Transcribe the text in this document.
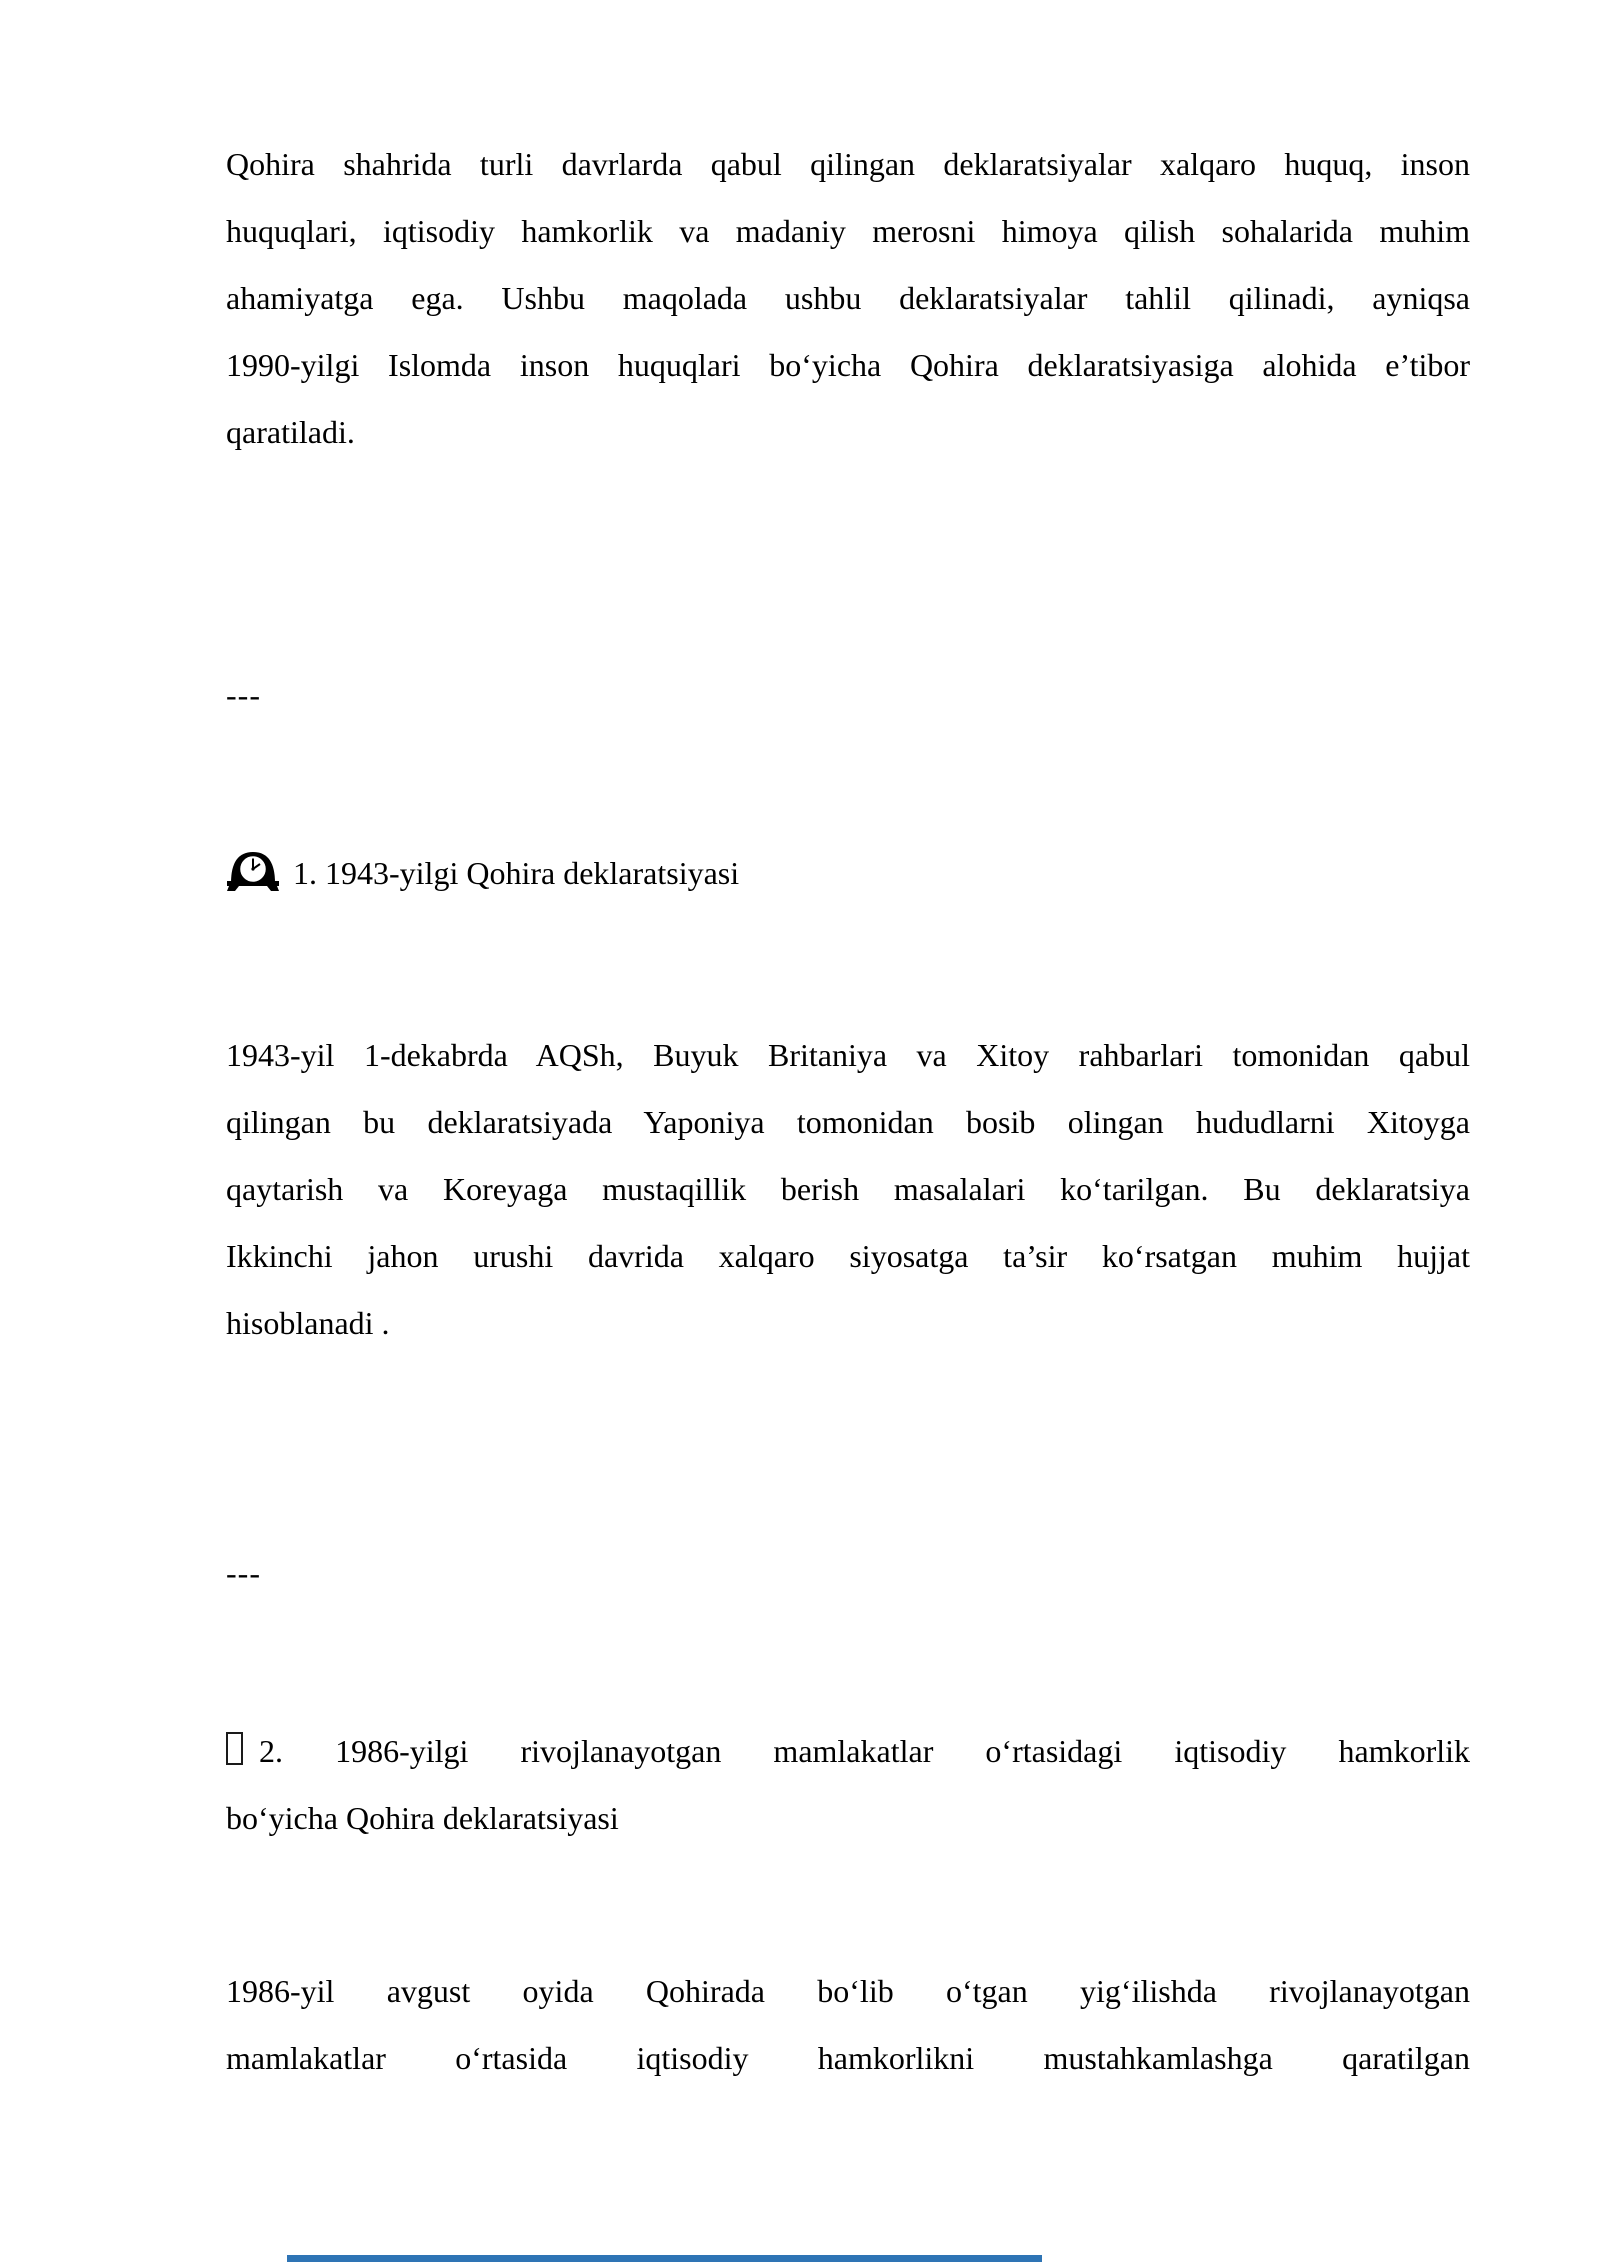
Qohira shahrida turli davrlarda qabul qilingan deklaratsiyalar xalqaro huquq, inson
huquqlari, iqtisodiy hamkorlik va madaniy merosni himoya qilish sohalarida muhim
ahamiyatga ega. Ushbu maqolada ushbu deklaratsiyalar tahlil qilinadi, ayniqsa
1990-yilgi Islomda inson huquqlari bo‘yicha Qohira deklaratsiyasiga alohida e’tibor
qaratiladi.
---
1. 1943-yilgi Qohira deklaratsiyasi
1943-yil 1-dekabrda AQSh, Buyuk Britaniya va Xitoy rahbarlari tomonidan qabul
qilingan bu deklaratsiyada Yaponiya tomonidan bosib olingan hududlarni Xitoyga
qaytarish va Koreyaga mustaqillik berish masalalari ko‘tarilgan. Bu deklaratsiya
Ikkinchi jahon urushi davrida xalqaro siyosatga ta’sir ko‘rsatgan muhim hujjat
hisoblanadi .
---
2. 1986-yilgi rivojlanayotgan mamlakatlar o‘rtasidagi iqtisodiy hamkorlik
bo‘yicha Qohira deklaratsiyasi
1986-yil avgust oyida Qohirada bo‘lib o‘tgan yig‘ilishda rivojlanayotgan
mamlakatlar o‘rtasida iqtisodiy hamkorlikni mustahkamlashga qaratilgan
